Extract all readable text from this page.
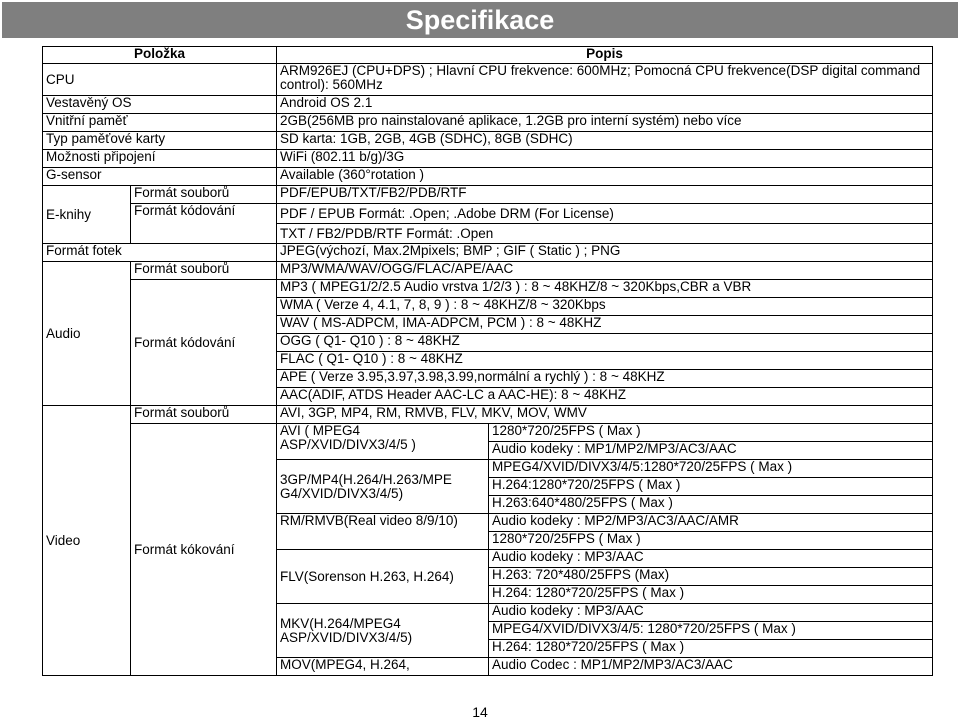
Specifikace
Položka		Popis	
CPU		ARM926EJ (CPU+DPS) ; Hlavní CPU frekvence: 600MHz; Pomocná CPU frekvence(DSP digital command control): 560MHz	
Vestavěný OS		Android OS 2.1	
Vnitřní paměť		2GB(256MB pro nainstalované aplikace, 1.2GB pro interní systém) nebo více	
Typ paměťové karty		SD karta: 1GB, 2GB, 4GB (SDHC), 8GB (SDHC)	
Možnosti připojení		WiFi (802.11 b/g)/3G	
G-sensor		Available (360°rotation )	
E-knihy	Formát souborů	PDF/EPUB/TXT/FB2/PDB/RTF	
	Formát kódování	PDF / EPUB Formát: .Open; .Adobe DRM (For License)	
		TXT / FB2/PDB/RTF Formát: .Open	
Formát fotek		JPEG(výchozí, Max.2Mpixels; BMP ; GIF ( Static ) ; PNG	
Audio	Formát souborů	MP3/WMA/WAV/OGG/FLAC/APE/AAC	
	Formát kódování	MP3 ( MPEG1/2/2.5 Audio vrstva 1/2/3 ) : 8 ~ 48KHZ/8 ~ 320Kbps,CBR a VBR	
		WMA ( Verze 4, 4.1, 7, 8, 9 ) : 8 ~ 48KHZ/8 ~ 320Kbps	
		WAV ( MS-ADPCM, IMA-ADPCM, PCM ) : 8 ~ 48KHZ	
		OGG ( Q1- Q10 ) : 8 ~ 48KHZ	
		FLAC ( Q1- Q10 ) : 8 ~ 48KHZ	
		APE ( Verze 3.95,3.97,3.98,3.99,normální a rychlý ) : 8 ~ 48KHZ	
		AAC(ADIF, ATDS Header AAC-LC a AAC-HE): 8 ~ 48KHZ	
Video	Formát souborů	AVI, 3GP, MP4, RM, RMVB, FLV, MKV, MOV, WMV	
	Formát kókování	AVI ( MPEG4 ASP/XVID/DIVX3/4/5 )	1280*720/25FPS ( Max )
			Audio kodeky : MP1/MP2/MP3/AC3/AAC
		3GP/MP4(H.264/H.263/MPE G4/XVID/DIVX3/4/5)	MPEG4/XVID/DIVX3/4/5:1280*720/25FPS ( Max )
			H.264:1280*720/25FPS ( Max )
			H.263:640*480/25FPS ( Max )
		RM/RMVB(Real video 8/9/10)	Audio kodeky : MP2/MP3/AC3/AAC/AMR
			1280*720/25FPS ( Max )
		FLV(Sorenson H.263, H.264)	Audio kodeky : MP3/AAC
			H.263: 720*480/25FPS (Max)
			H.264: 1280*720/25FPS ( Max )
		MKV(H.264/MPEG4 ASP/XVID/DIVX3/4/5)	Audio kodeky : MP3/AAC
			MPEG4/XVID/DIVX3/4/5: 1280*720/25FPS ( Max )
			H.264: 1280*720/25FPS ( Max )
		MOV(MPEG4, H.264,	Audio Codec : MP1/MP2/MP3/AC3/AAC
14
